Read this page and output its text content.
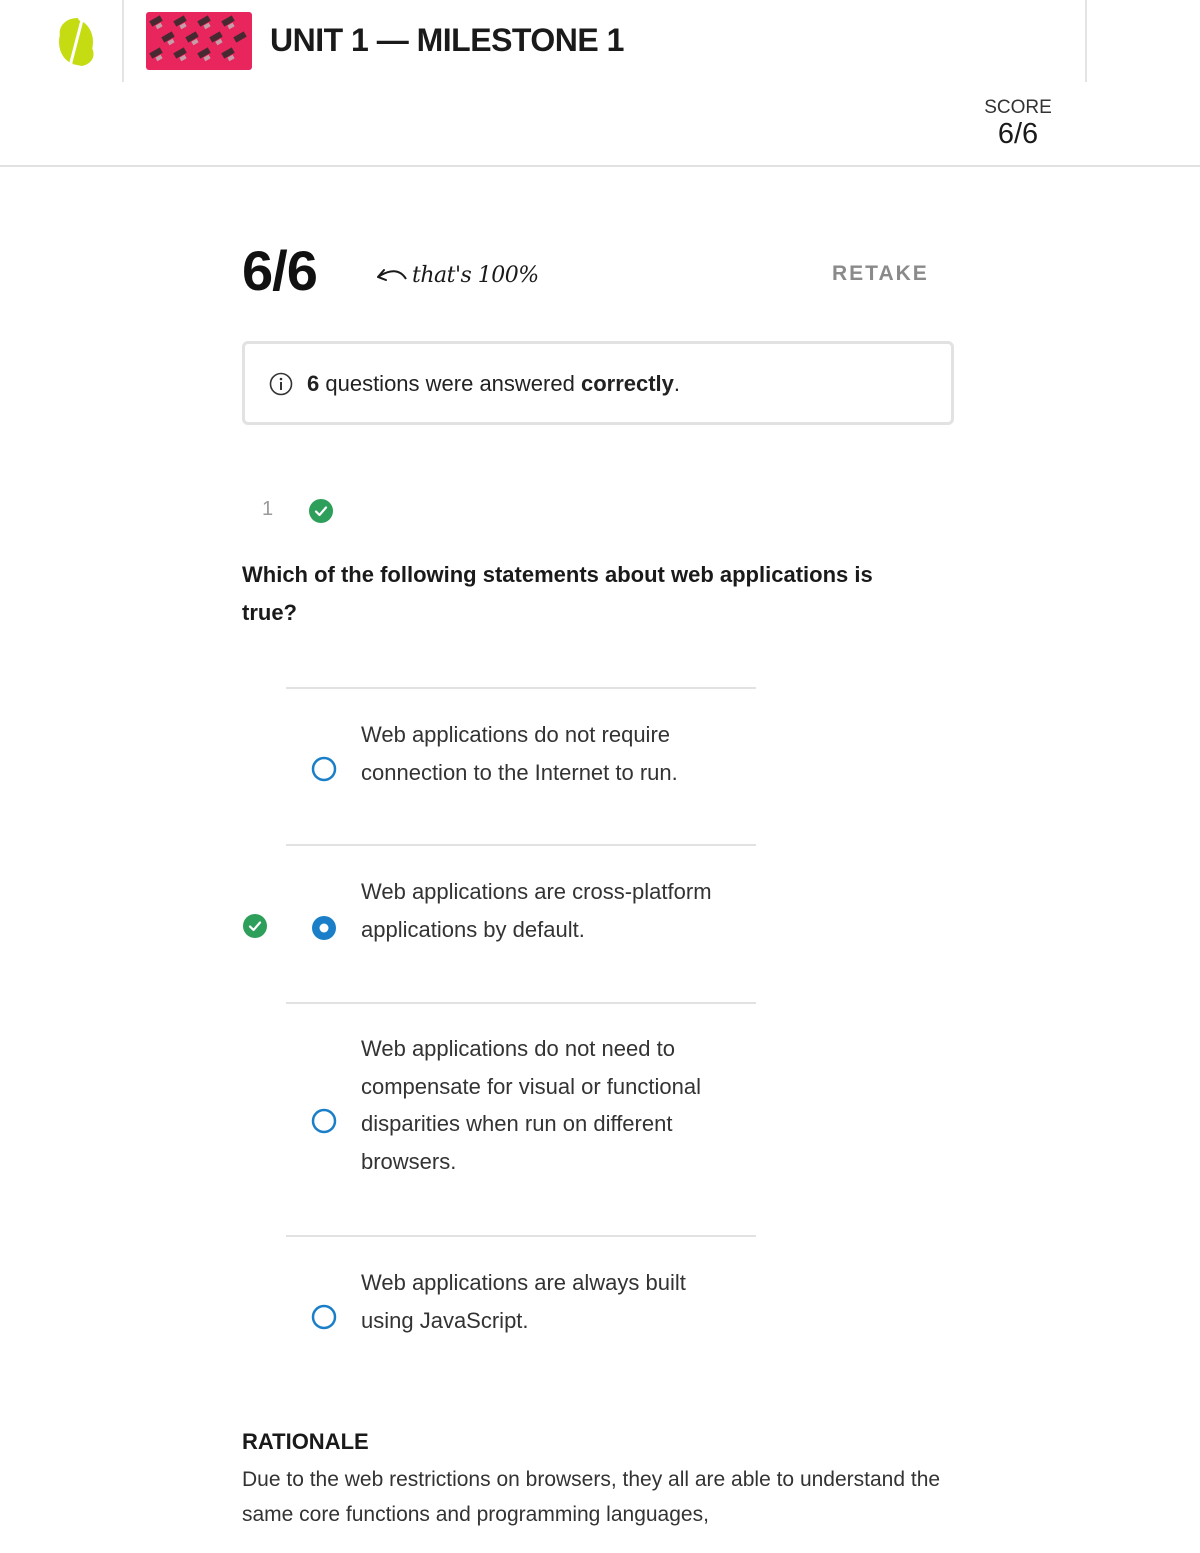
UNIT 1 — MILESTONE 1
SCORE
6/6
6/6	that's 100%	RETAKE
6 questions were answered correctly.
1
Which of the following statements about web applications is true?
Web applications do not require connection to the Internet to run.
Web applications are cross-platform applications by default.
Web applications do not need to compensate for visual or functional disparities when run on different browsers.
Web applications are always built using JavaScript.
RATIONALE
Due to the web restrictions on browsers, they all are able to understand the same core functions and programming languages,
